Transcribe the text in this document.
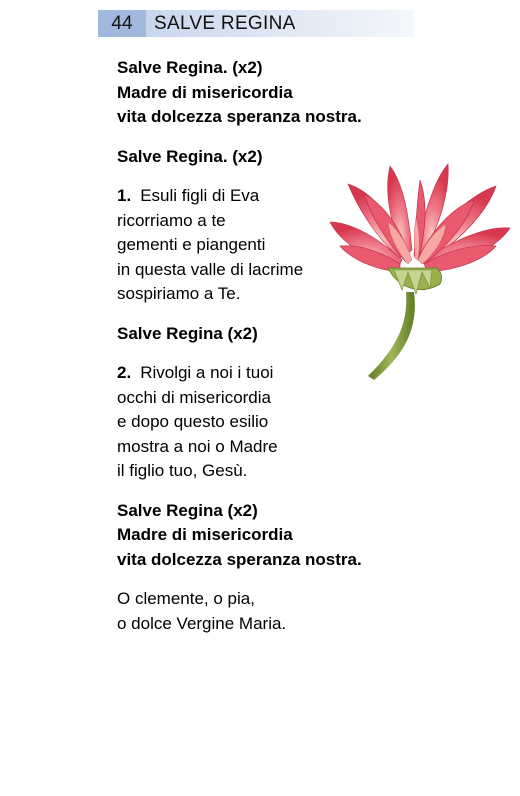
44	SALVE REGINA
Salve Regina. (x2)
Madre di misericordia
vita dolcezza speranza nostra.
Salve Regina. (x2)
1. Esuli figli di Eva
ricorriamo a te
gementi e piangenti
in questa valle di lacrime
sospiriamo a Te.
Salve Regina (x2)
2. Rivolgi a noi i tuoi
occhi di misericordia
e dopo questo esilio
mostra a noi o Madre
il figlio tuo, Gesù.
Salve Regina (x2)
Madre di misericordia
vita dolcezza speranza nostra.
O clemente, o pia,
o dolce Vergine Maria.
